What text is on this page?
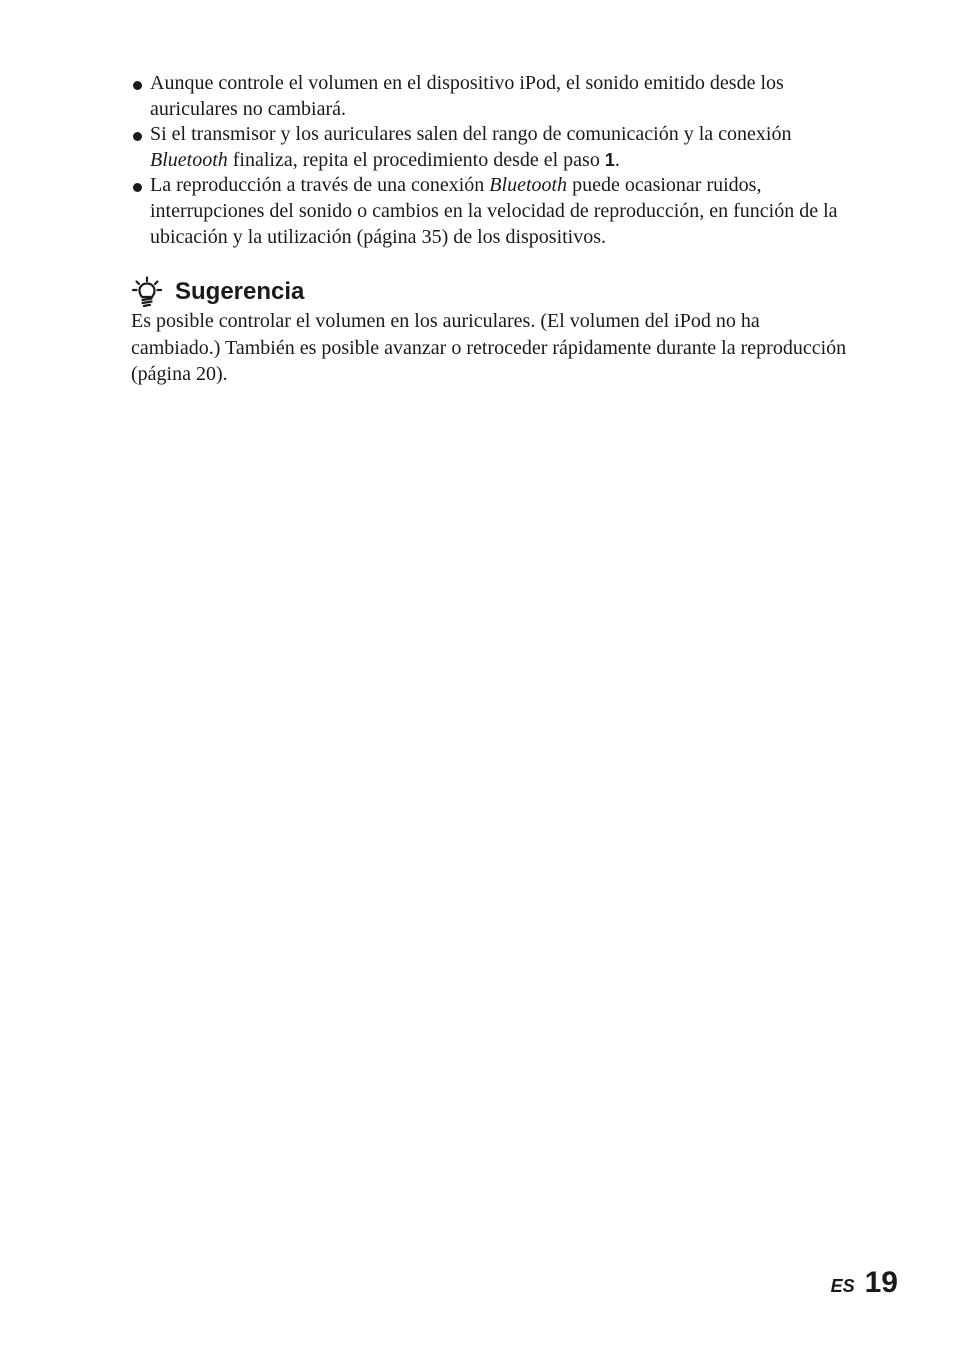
Aunque controle el volumen en el dispositivo iPod, el sonido emitido desde los auriculares no cambiará.
Si el transmisor y los auriculares salen del rango de comunicación y la conexión Bluetooth finaliza, repita el procedimiento desde el paso 1.
La reproducción a través de una conexión Bluetooth puede ocasionar ruidos, interrupciones del sonido o cambios en la velocidad de reproducción, en función de la ubicación y la utilización (página 35) de los dispositivos.
Sugerencia

Es posible controlar el volumen en los auriculares. (El volumen del iPod no ha cambiado.) También es posible avanzar o retroceder rápidamente durante la reproducción (página 20).

ES 19
